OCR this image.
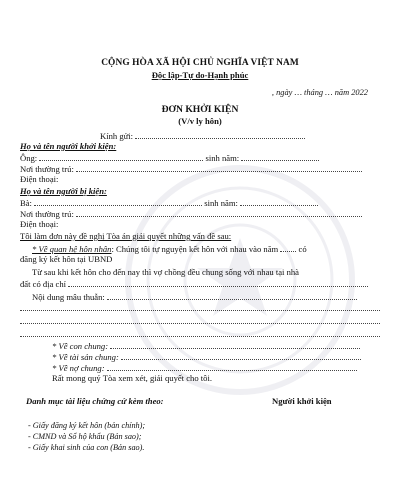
CỘNG HÒA XÃ HỘI CHỦ NGHĨA VIỆT NAM
Độc lập-Tự do-Hạnh phúc
, ngày … tháng … năm 2022
ĐƠN KHỞI KIỆN
(V/v ly hôn)
Kính gửi:
Họ và tên người khởi kiện:
Ông:	sinh năm:
Nơi thường trú:
Điện thoại:
Họ và tên người bị kiện:
Bà:	sinh năm:
Nơi thường trú:
Điện thoại:
Tôi làm đơn này đề nghị Tòa án giải quyết những vấn đề sau:
* Về quan hệ hôn nhân: Chúng tôi tự nguyện kết hôn với nhau vào năm có
đăng ký kết hôn tại UBND
Từ sau khi kết hôn cho đến nay thì vợ chồng đều chung sống với nhau tại nhà
đất có địa chỉ
Nội dung mâu thuẫn:
* Về con chung:
* Về tài sản chung:
* Về nợ chung:
Rất mong quý Tòa xem xét, giải quyết cho tôi.
Danh mục tài liệu chứng cứ kèm theo:	Người khởi kiện
- Giấy đăng ký kết hôn (bản chính);
- CMND và Sổ hộ khẩu (Bản sao);
- Giấy khai sinh của con (Bản sao).
